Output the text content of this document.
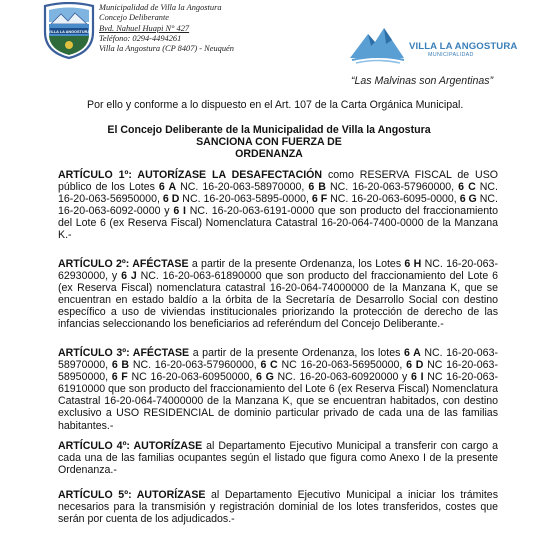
VILLA LA ANGOSTURA
Municipalidad de Villa la Angostura
Concejo Deliberante
Bvd. Nahuel Huapi N° 427
Teléfono: 0294-4494261
Villa la Angostura (CP 8407) - Neuquén	VILLA LA ANGOSTURA
MUNICIPALIDAD
“Las Malvinas son Argentinas”
Por ello y conforme a lo dispuesto en el Art. 107 de la Carta Orgánica Municipal.
El Concejo Deliberante de la Municipalidad de Villa la Angostura
SANCIONA CON FUERZA DE
ORDENANZA
ARTÍCULO 1º: AUTORÍZASE LA DESAFECTACIÓN como RESERVA FISCAL de USO público de los Lotes 6 A NC. 16-20-063-58970000, 6 B NC. 16-20-063-57960000, 6 C NC. 16-20-063-56950000, 6 D NC. 16-20-063-5895-0000, 6 F NC. 16-20-063-6095-0000, 6 G NC. 16-20-063-6092-0000 y 6 I NC. 16-20-063-6191-0000 que son producto del fraccionamiento del Lote 6 (ex Reserva Fiscal) Nomenclatura Catastral 16-20-064-7400-0000 de la Manzana K.-
ARTÍCULO 2º: AFÉCTASE a partir de la presente Ordenanza, los Lotes 6 H NC. 16-20-063-62930000, y 6 J NC. 16-20-063-61890000 que son producto del fraccionamiento del Lote 6 (ex Reserva Fiscal) nomenclatura catastral 16-20-064-74000000 de la Manzana K, que se encuentran en estado baldío a la órbita de la Secretaría de Desarrollo Social con destino específico a uso de viviendas institucionales priorizando la protección de derecho de las infancias seleccionando los beneficiarios ad referéndum del Concejo Deliberante.-
ARTÍCULO 3º: AFÉCTASE a partir de la presente Ordenanza, los lotes 6 A NC. 16-20-063-58970000, 6 B NC. 16-20-063-57960000, 6 C NC 16-20-063-56950000, 6 D NC 16-20-063-58950000, 6 F NC 16-20-063-60950000, 6 G NC. 16-20-063-60920000 y 6 I NC 16-20-063-61910000 que son producto del fraccionamiento del Lote 6 (ex Reserva Fiscal) Nomenclatura Catastral 16-20-064-74000000 de la Manzana K, que se encuentran habitados, con destino exclusivo a USO RESIDENCIAL de dominio particular privado de cada una de las familias habitantes.-
ARTÍCULO 4º: AUTORÍZASE al Departamento Ejecutivo Municipal a transferir con cargo a cada una de las familias ocupantes según el listado que figura como Anexo I de la presente Ordenanza.-
ARTÍCULO 5º: AUTORÍZASE al Departamento Ejecutivo Municipal a iniciar los trámites necesarios para la transmisión y registración dominial de los lotes transferidos, costes que serán por cuenta de los adjudicados.-
